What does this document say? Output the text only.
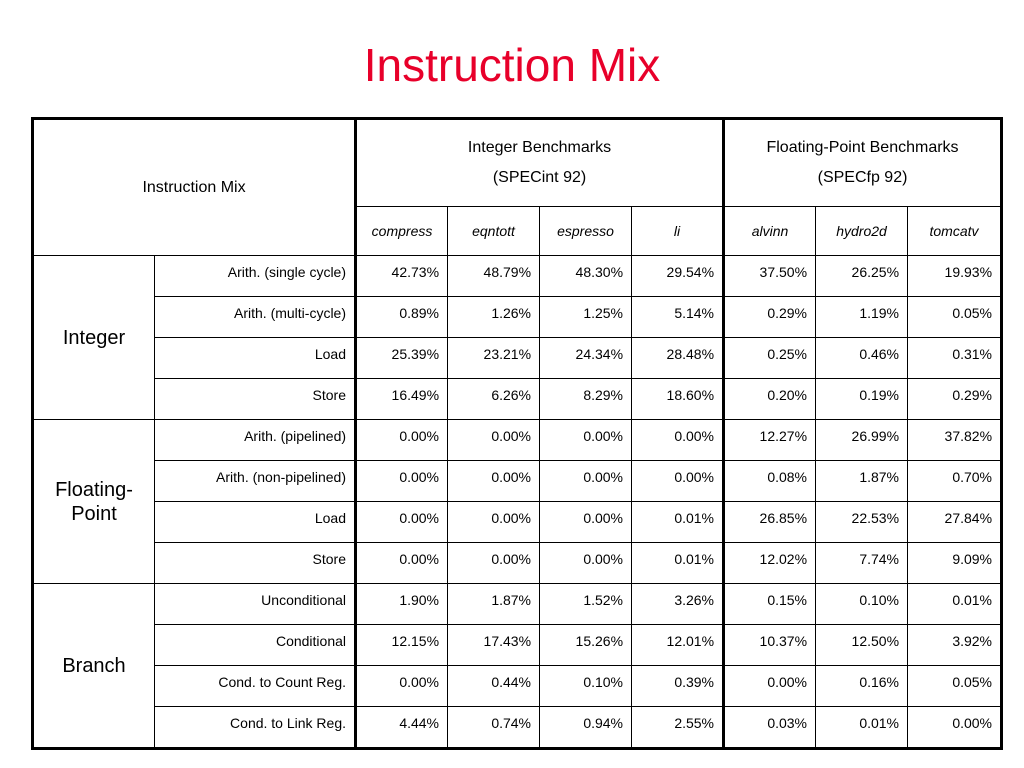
Instruction Mix
Instruction Mix		Integer Benchmarks
(SPECint 92)				Floating-Point Benchmarks
(SPECfp 92)		

		compress	eqntott	espresso	li	alvinn	hydro2d	tomcatv
Integer	Arith. (single cycle)	42.73%	48.79%	48.30%	29.54%	37.50%	26.25%	19.93%
	Arith. (multi-cycle)	0.89%	1.26%	1.25%	5.14%	0.29%	1.19%	0.05%
	Load	25.39%	23.21%	24.34%	28.48%	0.25%	0.46%	0.31%
	Store	16.49%	6.26%	8.29%	18.60%	0.20%	0.19%	0.29%
Floating-Point	Arith. (pipelined)	0.00%	0.00%	0.00%	0.00%	12.27%	26.99%	37.82%
	Arith. (non-pipelined)	0.00%	0.00%	0.00%	0.00%	0.08%	1.87%	0.70%
	Load	0.00%	0.00%	0.00%	0.01%	26.85%	22.53%	27.84%
	Store	0.00%	0.00%	0.00%	0.01%	12.02%	7.74%	9.09%
Branch	Unconditional	1.90%	1.87%	1.52%	3.26%	0.15%	0.10%	0.01%
	Conditional	12.15%	17.43%	15.26%	12.01%	10.37%	12.50%	3.92%
	Cond. to Count Reg.	0.00%	0.44%	0.10%	0.39%	0.00%	0.16%	0.05%
	Cond. to Link Reg.	4.44%	0.74%	0.94%	2.55%	0.03%	0.01%	0.00%
